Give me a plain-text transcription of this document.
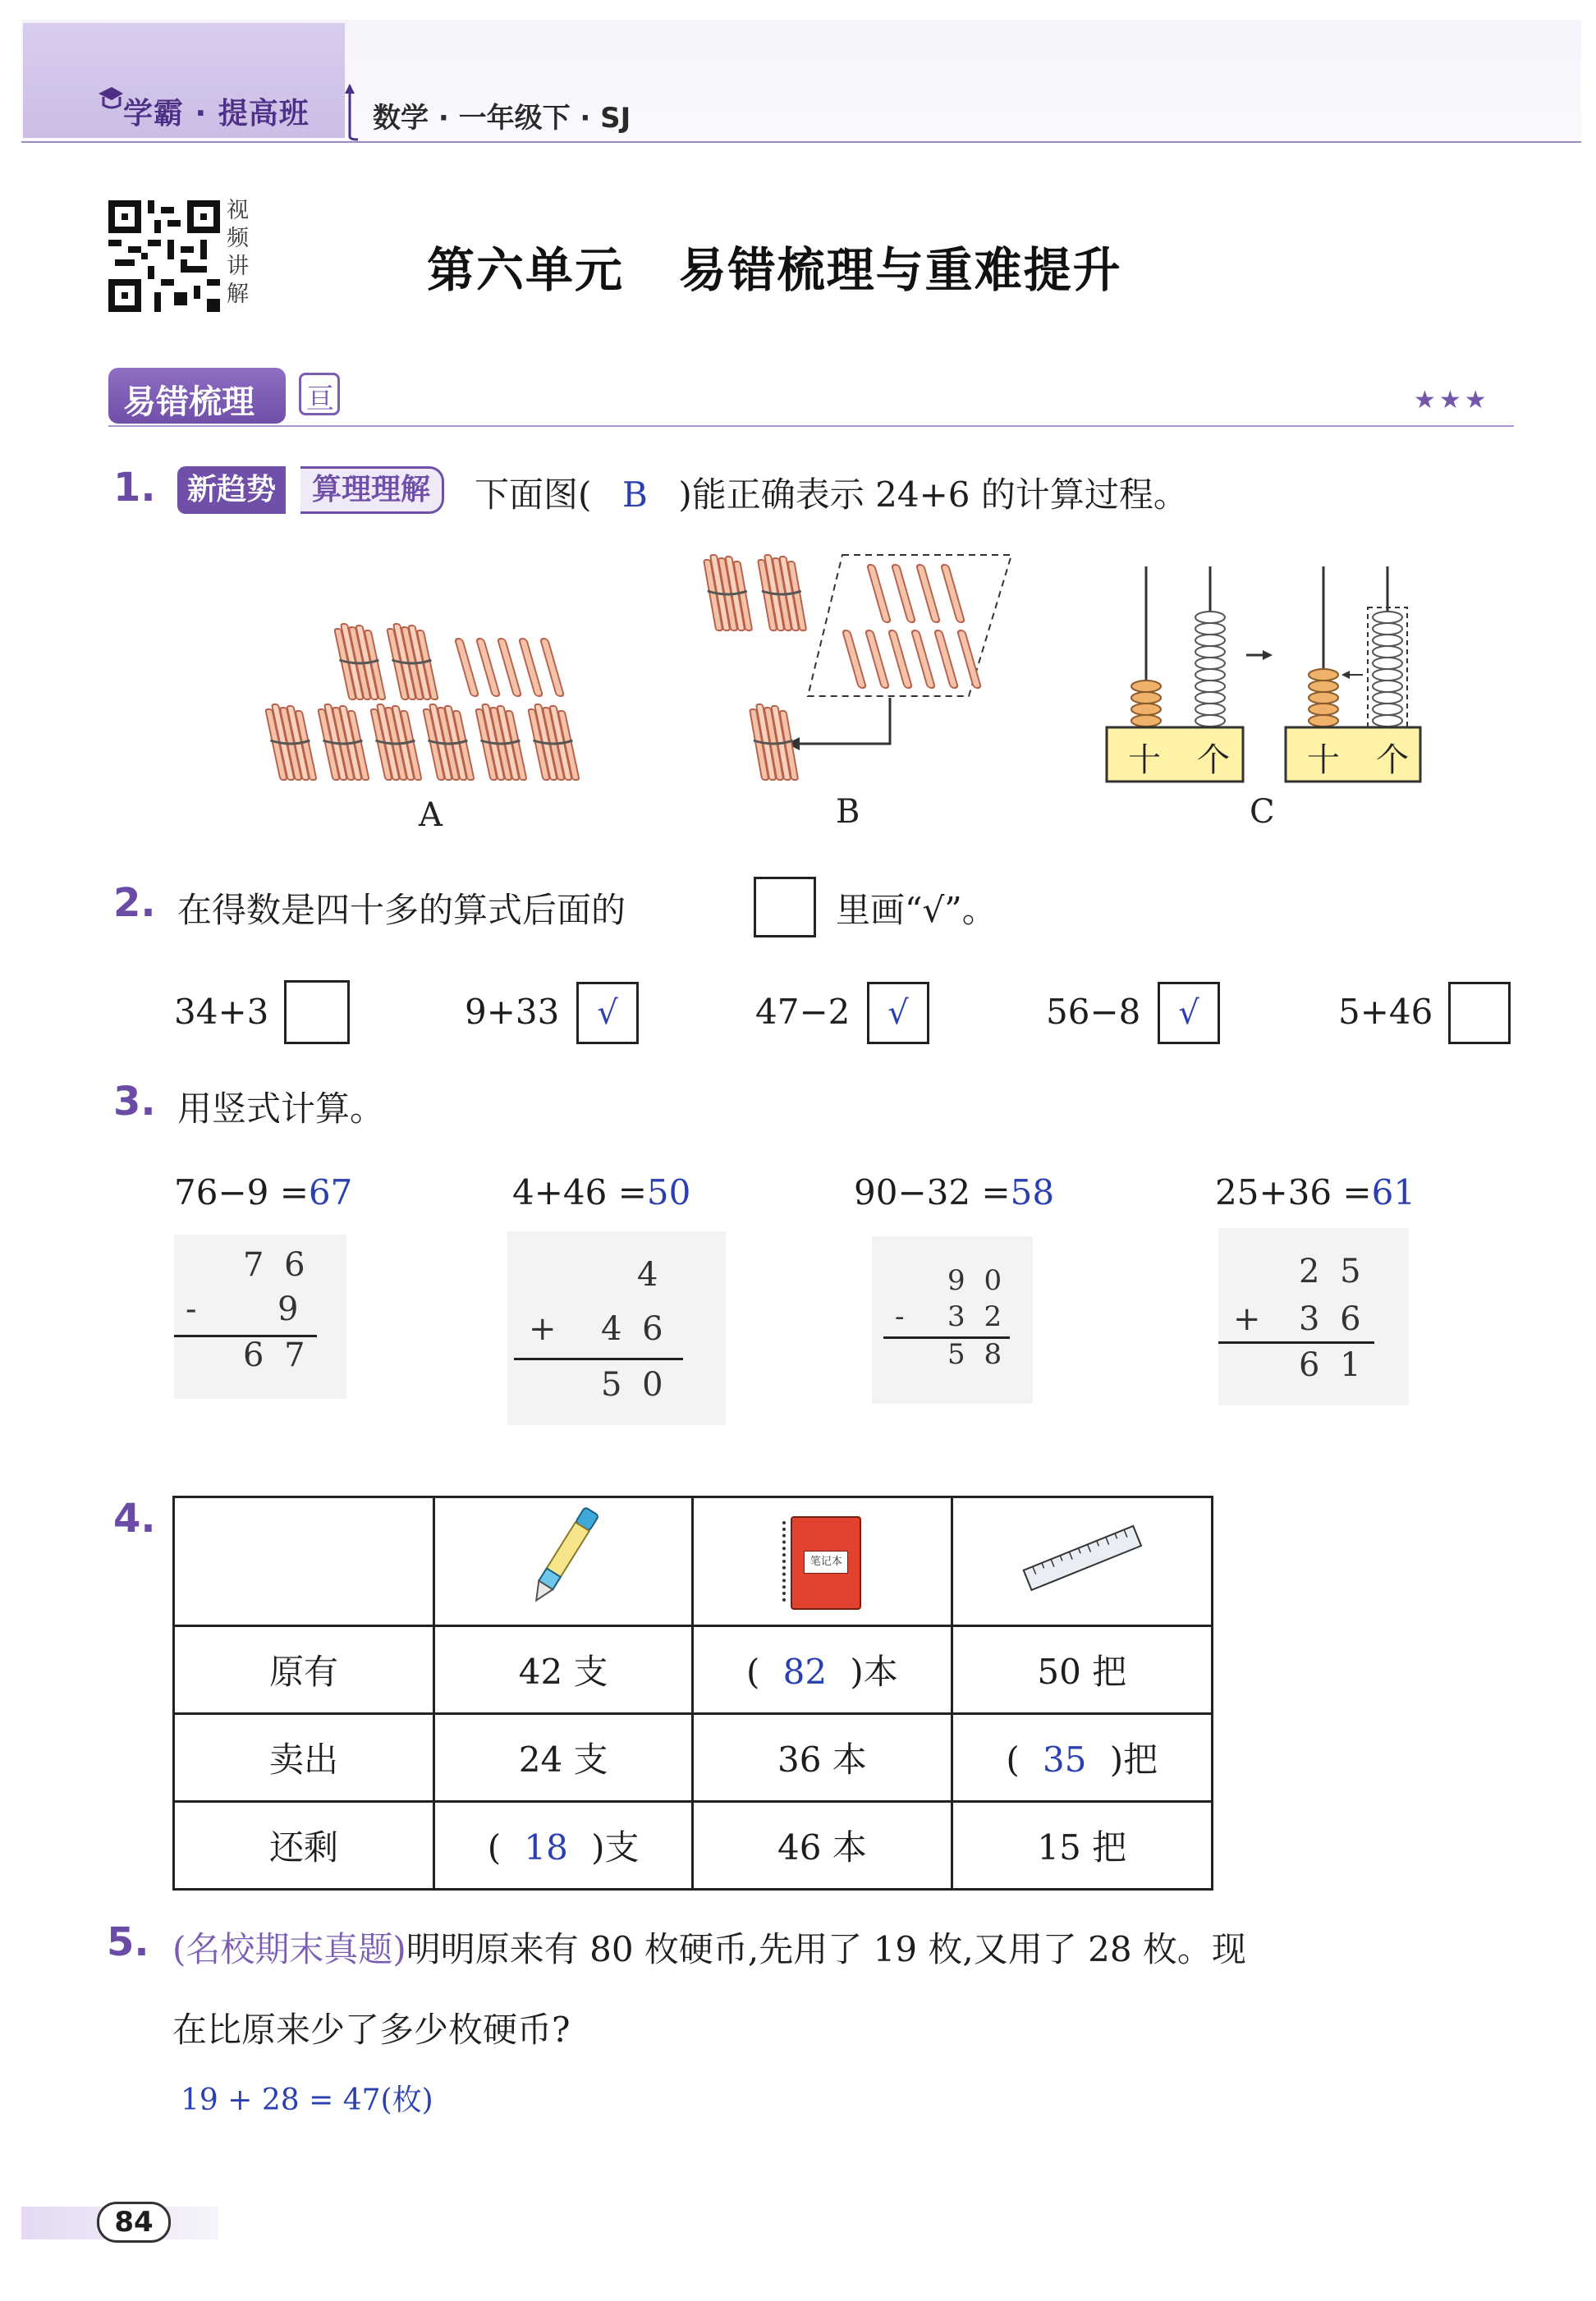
学霸 · 提高班 数学 · 一年级下 · SJ
视频讲解	第六单元 易错梳理与重难提升
易错梳理 亘	★★★
1.	新趋势	算理理解	下面图( B )能正确表示 24+6 的计算过程。
A	B
十 个 十 个
C
2. 在得数是四十多的算式后面的	里画“√”。
34+3	9+33	√	47−2	√	56−8	√	5+46
3. 用竖式计算。
76−9 =67	4+46 =50	90−32 =58	25+36 =61
7 6
- 9
6 7
4
+ 4 6
5 0
9 0
- 3 2
5 8
2 5
+ 3 6
6 1
4.

笔记本

原有	42 支	( 82 )本	50 把
卖出	24 支	36 本	( 35 )把
还剩	( 18 )支	46 本	15 把
5. (名校期末真题)明明原来有 80 枚硬币,先用了 19 枚,又用了 28 枚。现
在比原来少了多少枚硬币?
19 + 28 = 47(枚)
84
